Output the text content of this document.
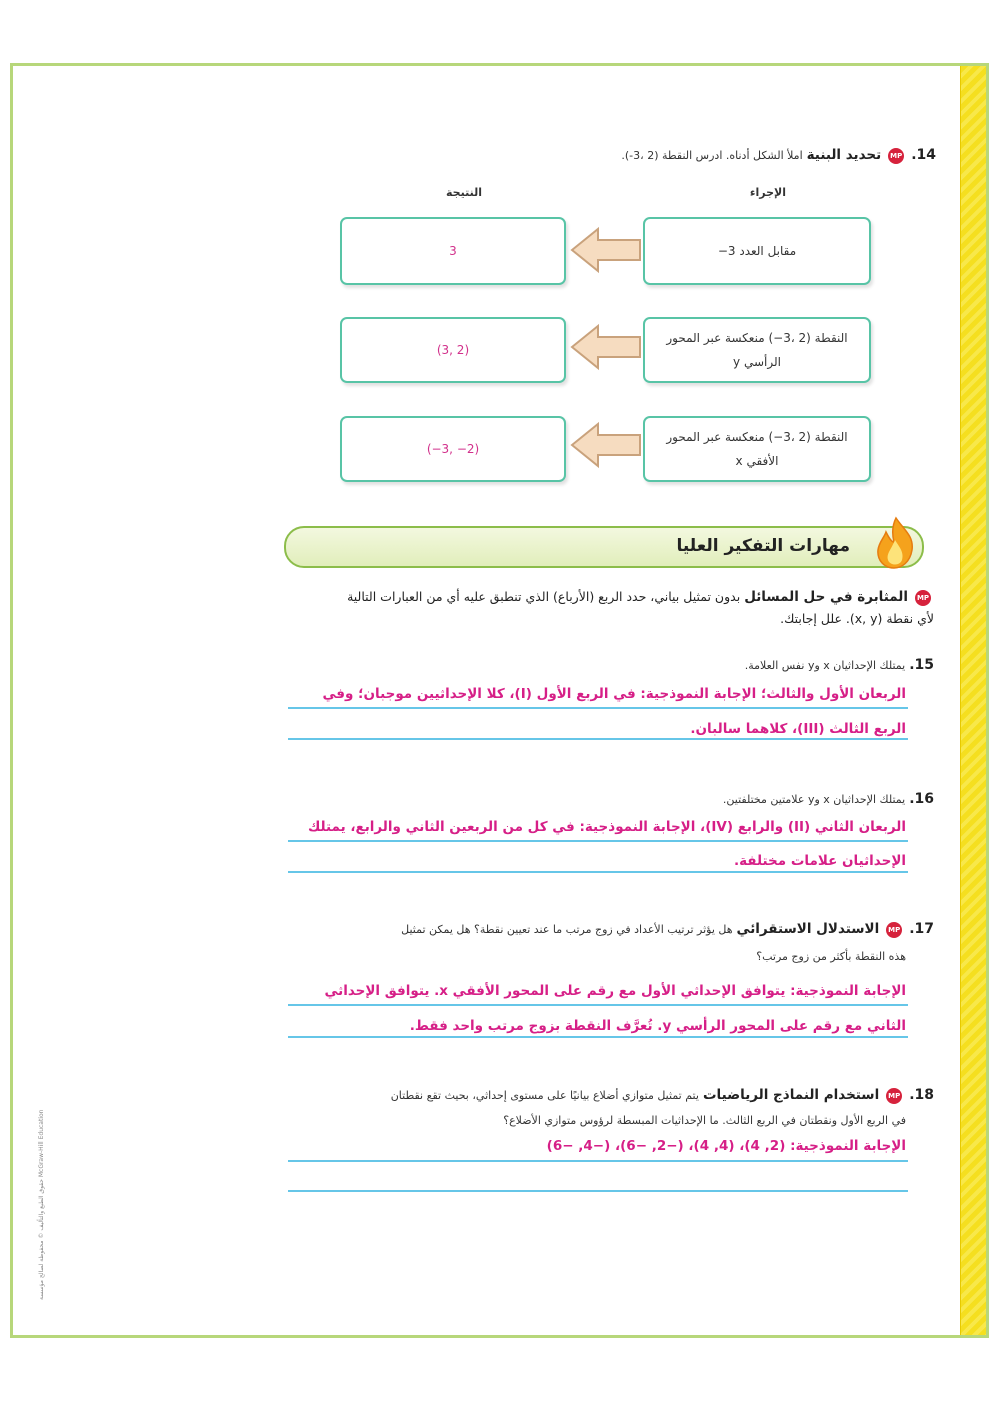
حقوق الطبع والتأليف © محفوظة لصالح مؤسسة McGraw-Hill Education
14. MP تحديد البنية املأ الشكل أدناه. ادرس النقطة (2 ،3-).
الإجراء
النتيجة
مقابل العدد 3−
3
النقطة (2 ،3−) منعكسة عبر المحور الرأسي y
(3, 2)
النقطة (2 ،3−) منعكسة عبر المحور الأفقي x
(−3, −2)
مهارات التفكير العليا
MP المثابرة في حل المسائل بدون تمثيل بياني، حدد الربع (الأرباع) الذي تنطبق عليه أي من العبارات التالية
لأي نقطة (x, y). علل إجابتك.
15. يمتلك الإحداثيان x وy نفس العلامة.
الربعان الأول والثالث؛ الإجابة النموذجية: في الربع الأول (I)، كلا الإحداثيين موجبان؛ وفي
الربع الثالث (III)، كلاهما سالبان.
16. يمتلك الإحداثيان x وy علامتين مختلفتين.
الربعان الثاني (II) والرابع (IV)، الإجابة النموذجية: في كل من الربعين الثاني والرابع، يمتلك
الإحداثيان علامات مختلفة.
17. MP الاستدلال الاستقرائي هل يؤثر ترتيب الأعداد في زوج مرتب ما عند تعيين نقطة؟ هل يمكن تمثيل
هذه النقطة بأكثر من زوج مرتب؟
الإجابة النموذجية: يتوافق الإحداثي الأول مع رقم على المحور الأفقي x. يتوافق الإحداثي
الثاني مع رقم على المحور الرأسي y. تُعرَّف النقطة بزوج مرتب واحد فقط.
18. MP استخدام النماذج الرياضيات يتم تمثيل متوازي أضلاع بيانيًا على مستوى إحداثي، بحيث تقع نقطتان
في الربع الأول ونقطتان في الربع الثالث. ما الإحداثيات المبسطة لرؤوس متوازي الأضلاع؟
الإجابة النموذجية: (2, 4)، (4, 4)، (−2, −6)، (−4, −6)
